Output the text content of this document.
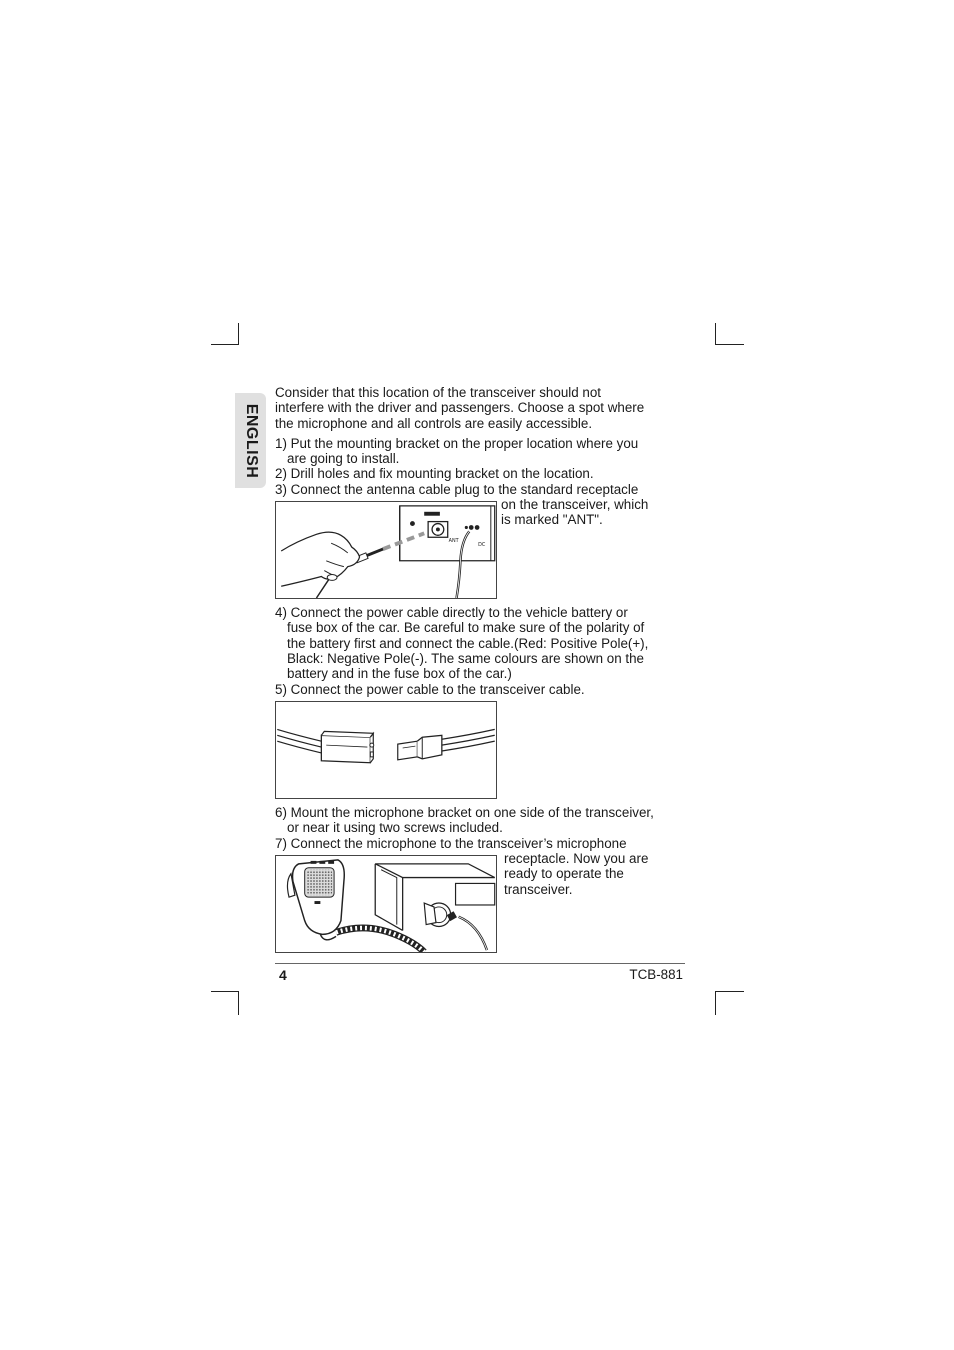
ENGLISH
Consider that this location of the transceiver should not
interfere with the driver and passengers. Choose a spot where
the microphone and all controls are easily accessible.
1) Put the mounting bracket on the proper location where you
are going to install.
2) Drill holes and fix mounting bracket on the location.
3) Connect the antenna cable plug to the standard receptacle
on the transceiver, which
is marked "ANT".
ANT
DC
4) Connect the power cable directly to the vehicle battery or
fuse box of the car. Be careful to make sure of the polarity of
the battery first and connect the cable.(Red: Positive Pole(+),
Black: Negative Pole(-). The same colours are shown on the
battery and in the fuse box of the car.)
5) Connect the power cable to the transceiver cable.
6) Mount the microphone bracket on one side of the transceiver,
or near it using two screws included.
7) Connect the microphone to the transceiver’s microphone
receptacle. Now you are
ready to operate the
transceiver.
4	TCB-881
